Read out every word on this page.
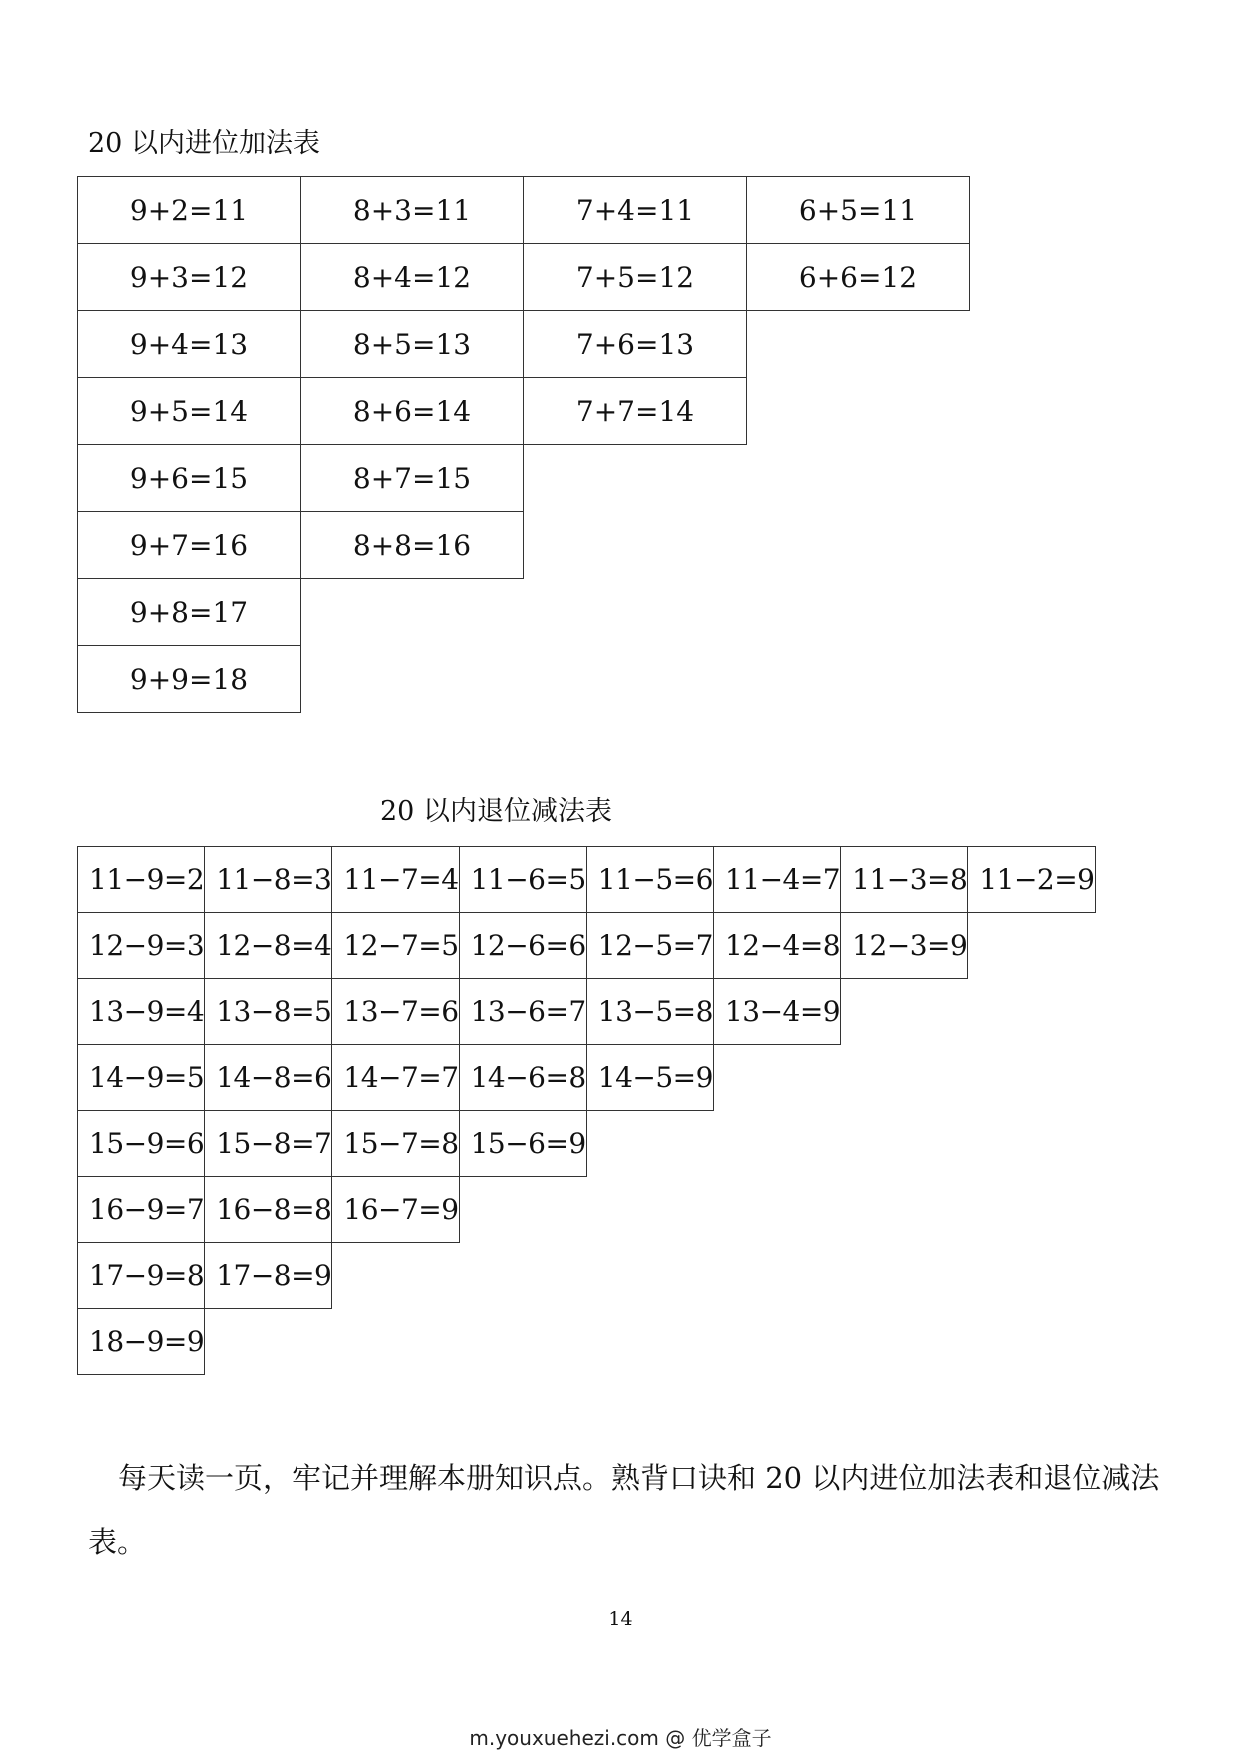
20 以内进位加法表
9+2=11	8+3=11	7+4=11	6+5=11
9+3=12	8+4=12	7+5=12	6+6=12
9+4=13	8+5=13	7+6=13	
9+5=14	8+6=14	7+7=14	
9+6=15	8+7=15		
9+7=16	8+8=16		
9+8=17			
9+9=18			
20 以内退位减法表
11−9=2	11−8=3	11−7=4	11−6=5	11−5=6	11−4=7	11−3=8	11−2=9
12−9=3	12−8=4	12−7=5	12−6=6	12−5=7	12−4=8	12−3=9	
13−9=4	13−8=5	13−7=6	13−6=7	13−5=8	13−4=9		
14−9=5	14−8=6	14−7=7	14−6=8	14−5=9			
15−9=6	15−8=7	15−7=8	15−6=9				
16−9=7	16−8=8	16−7=9					
17−9=8	17−8=9						
18−9=9							
每天读一页，牢记并理解本册知识点。熟背口诀和 20 以内进位加法表和退位减法表。
14
m.youxuehezi.com @ 优学盒子
